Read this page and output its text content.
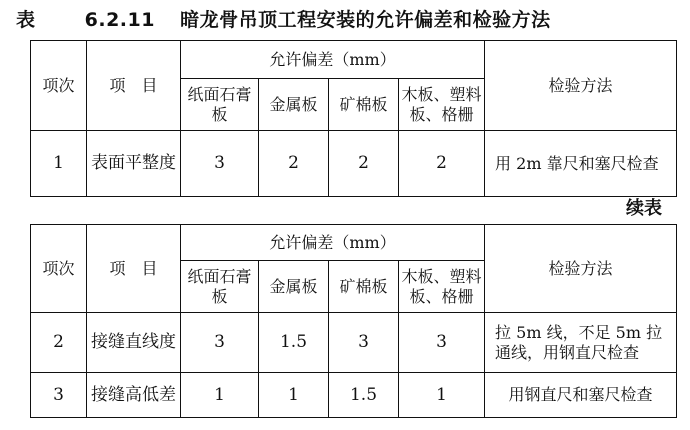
表	6.2.11 暗龙骨吊顶工程安装的允许偏差和检验方法
项次	项　目	允许偏差（mm）				检验方法
		纸面石膏板	金属板	矿棉板	木板、塑料板、格栅	
1	表面平整度	3	2	2	2	用 2m 靠尺和塞尺检查
续表
项次	项　目	允许偏差（mm）				检验方法
		纸面石膏板	金属板	矿棉板	木板、塑料板、格栅	
2	接缝直线度	3	1.5	3	3	拉 5m 线，不足 5m 拉通线，用钢直尺检查
3	接缝高低差	1	1	1.5	1	用钢直尺和塞尺检查
